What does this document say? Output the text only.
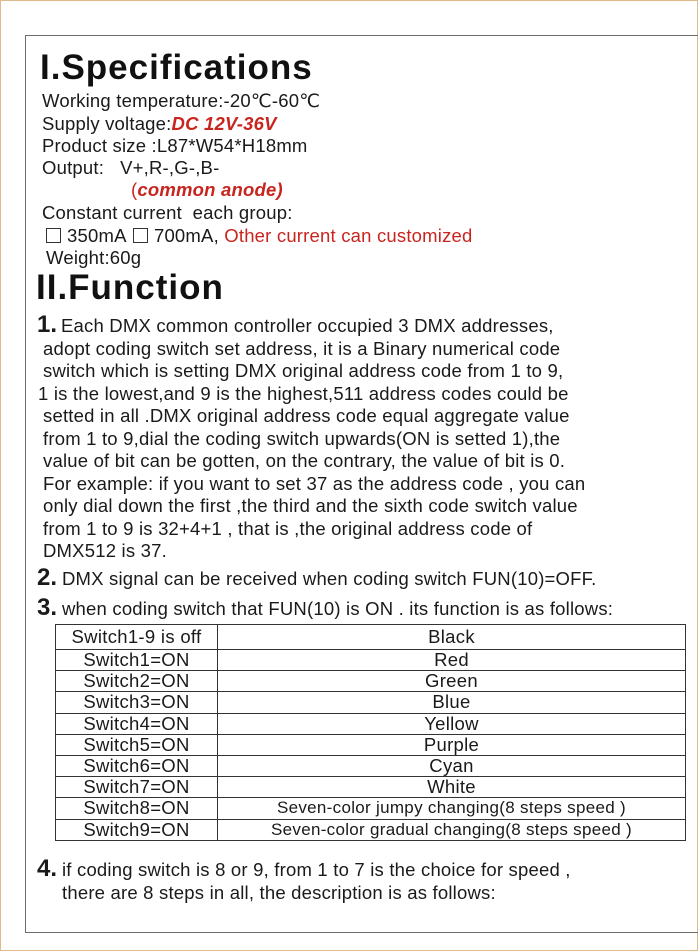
I.Specifications
Working temperature:-20℃-60℃
Supply voltage:DC 12V-36V
Product size :L87*W54*H18mm
Output:   V+,R-,G-,B-
(common anode)
Constant current  each group:
350mA 700mA, Other current can customized
Weight:60g
II.Function
1. Each DMX common controller occupied 3 DMX addresses,
adopt coding switch set address, it is a Binary numerical code
switch which is setting DMX original address code from 1 to 9,
1 is the lowest,and 9 is the highest,511 address codes could be
setted in all .DMX original address code equal aggregate value
from 1 to 9,dial the coding switch upwards(ON is setted 1),the
value of bit can be gotten, on the contrary, the value of bit is 0.
For example: if you want to set 37 as the address code , you can
only dial down the first ,the third and the sixth code switch value
from 1 to 9 is 32+4+1 , that is ,the original address code of
DMX512 is 37.
2. DMX signal can be received when coding switch FUN(10)=OFF.
3. when coding switch that FUN(10) is ON . its function is as follows:
Switch1-9 is off	Black
Switch1=ON	Red
Switch2=ON	Green
Switch3=ON	Blue
Switch4=ON	Yellow
Switch5=ON	Purple
Switch6=ON	Cyan
Switch7=ON	White
Switch8=ON	Seven-color jumpy changing(8 steps speed )
Switch9=ON	Seven-color gradual changing(8 steps speed )
4. if coding switch is 8 or 9, from 1 to 7 is the choice for speed ,
there are 8 steps in all, the description is as follows:
